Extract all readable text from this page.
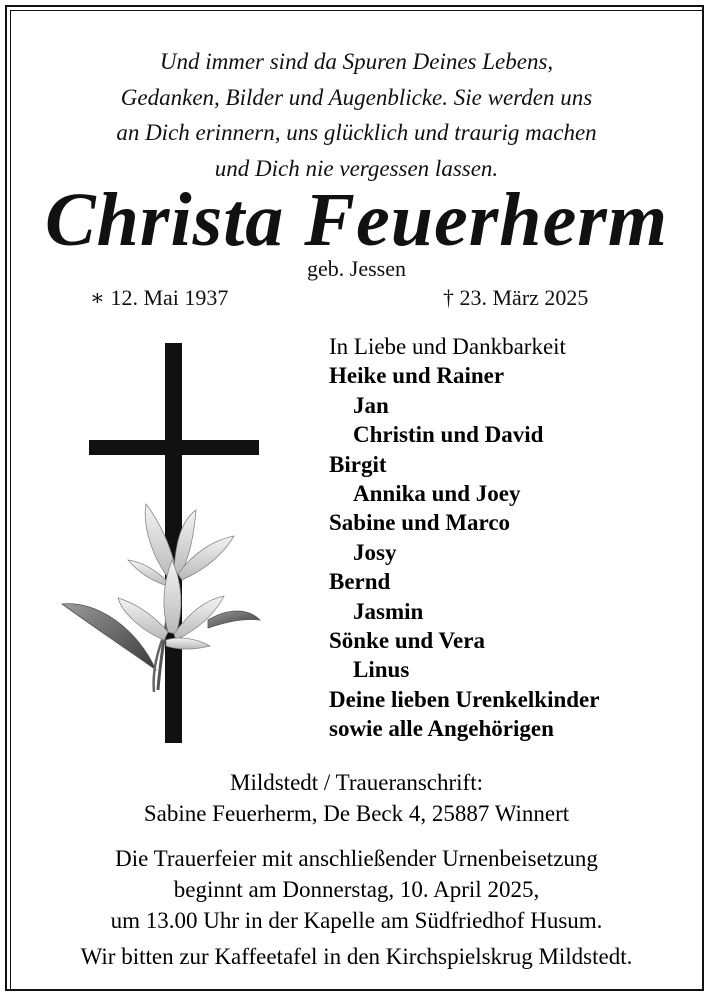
Und immer sind da Spuren Deines Lebens,
Gedanken, Bilder und Augenblicke. Sie werden uns
an Dich erinnern, uns glücklich und traurig machen
und Dich nie vergessen lassen.
Christa Feuerherm
geb. Jessen
∗ 12. Mai 1937	† 23. März 2025
In Liebe und Dankbarkeit
Heike und Rainer
Jan
Christin und David
Birgit
Annika und Joey
Sabine und Marco
Josy
Bernd
Jasmin
Sönke und Vera
Linus
Deine lieben Urenkelkinder
sowie alle Angehörigen
Mildstedt / Traueranschrift:
Sabine Feuerherm, De Beck 4, 25887 Winnert
Die Trauerfeier mit anschließender Urnenbeisetzung
beginnt am Donnerstag, 10. April 2025,
um 13.00 Uhr in der Kapelle am Südfriedhof Husum.
Wir bitten zur Kaffeetafel in den Kirchspielskrug Mildstedt.
